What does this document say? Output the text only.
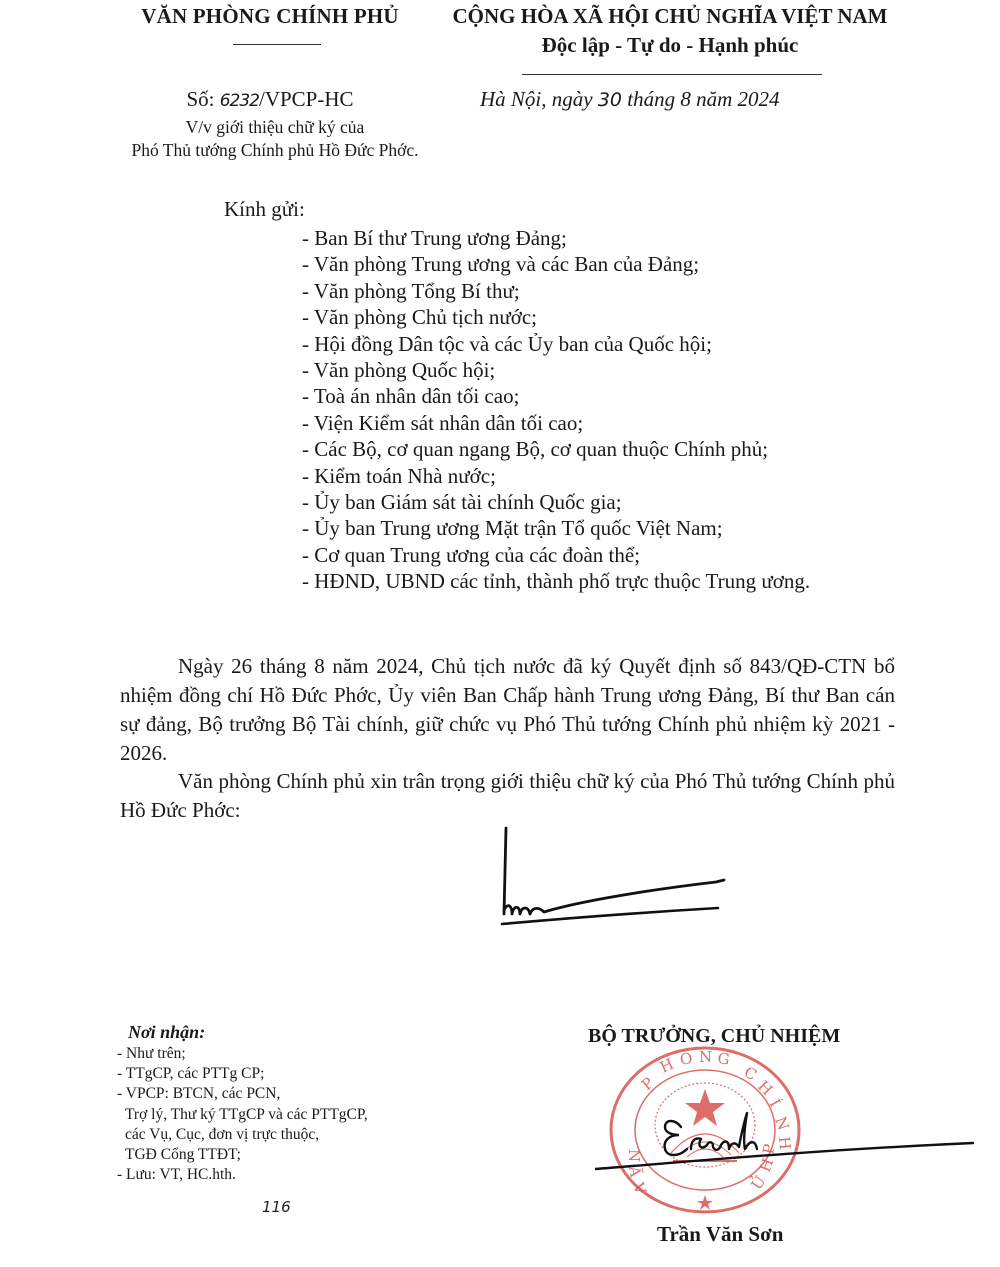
VĂN PHÒNG CHÍNH PHỦ	CỘNG HÒA XÃ HỘI CHỦ NGHĨA VIỆT NAM
Độc lập - Tự do - Hạnh phúc
Số: 6232/VPCP-HC
V/v giới thiệu chữ ký của
Phó Thủ tướng Chính phủ Hồ Đức Phớc.
Hà Nội, ngày 30 tháng 8 năm 2024
Kính gửi:
- Ban Bí thư Trung ương Đảng;
- Văn phòng Trung ương và các Ban của Đảng;
- Văn phòng Tổng Bí thư;
- Văn phòng Chủ tịch nước;
- Hội đồng Dân tộc và các Ủy ban của Quốc hội;
- Văn phòng Quốc hội;
- Toà án nhân dân tối cao;
- Viện Kiểm sát nhân dân tối cao;
- Các Bộ, cơ quan ngang Bộ, cơ quan thuộc Chính phủ;
- Kiểm toán Nhà nước;
- Ủy ban Giám sát tài chính Quốc gia;
- Ủy ban Trung ương Mặt trận Tổ quốc Việt Nam;
- Cơ quan Trung ương của các đoàn thể;
- HĐND, UBND các tỉnh, thành phố trực thuộc Trung ương.

Ngày 26 tháng 8 năm 2024, Chủ tịch nước đã ký Quyết định số 843/QĐ-CTN bổ nhiệm đồng chí Hồ Đức Phớc, Ủy viên Ban Chấp hành Trung ương Đảng, Bí thư Ban cán sự đảng, Bộ trưởng Bộ Tài chính, giữ chức vụ Phó Thủ tướng Chính phủ nhiệm kỳ 2021 - 2026.

Văn phòng Chính phủ xin trân trọng giới thiệu chữ ký của Phó Thủ tướng Chính phủ Hồ Đức Phớc:

BỘ TRƯỞNG, CHỦ NHIỆM
P
H Ò N G
C
H
Í
N
H
V
Ă
N	P
H
Ủ
Trần Văn Sơn
Nơi nhận:
- Như trên;
- TTgCP, các PTTg CP;
- VPCP: BTCN, các PCN,
Trợ lý, Thư ký TTgCP và các PTTgCP,
các Vụ, Cục, đơn vị trực thuộc,
TGĐ Cổng TTĐT;
- Lưu: VT, HC.hth.
116
